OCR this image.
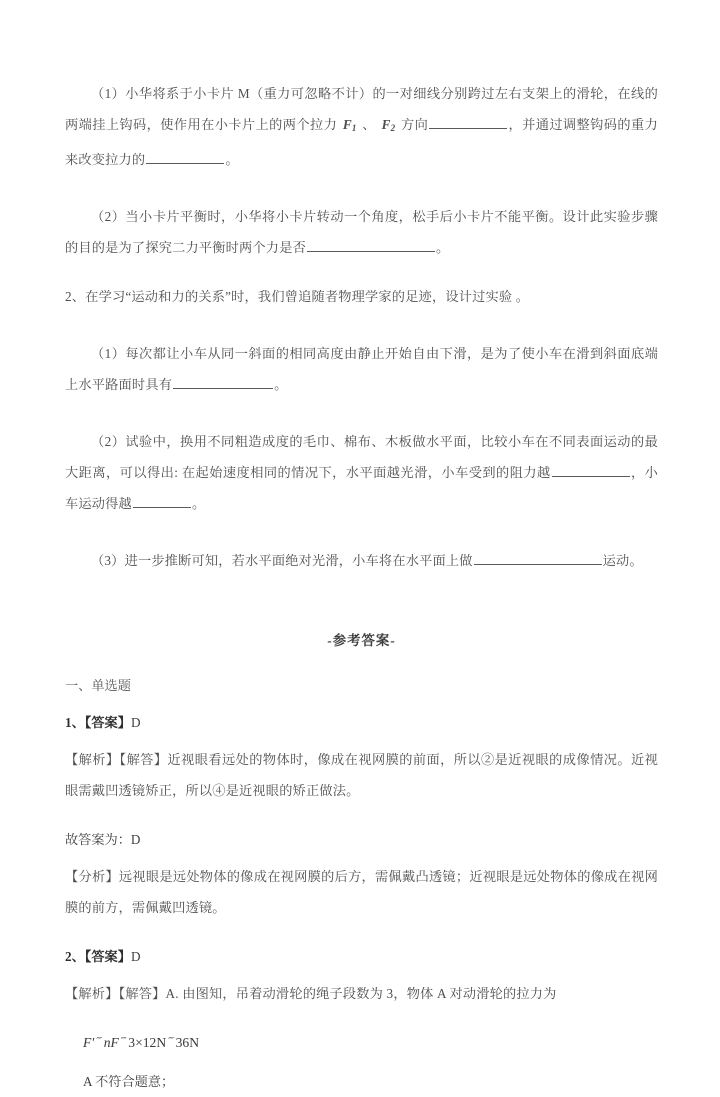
（1）小华将系于小卡片 M（重力可忽略不计）的一对细线分别跨过左右支架上的滑轮，在线的两端挂上钩码，使作用在小卡片上的两个拉力 $F_1$ 、 $F_2$ 方向	，并通过调整钩码的重力来改变拉力的	。

（2）当小卡片平衡时，小华将小卡片转动一个角度，松手后小卡片不能平衡。设计此实验步骤的目的是为了探究二力平衡时两个力是否	。

2、在学习“运动和力的关系”时，我们曾追随者物理学家的足迹，设计过实验 。

（1）每次都让小车从同一斜面的相同高度由静止开始自由下滑，是为了使小车在滑到斜面底端上水平路面时具有	。

（2）试验中，换用不同粗造成度的毛巾、棉布、木板做水平面，比较小车在不同表面运动的最大距离，可以得出: 在起始速度相同的情况下，水平面越光滑，小车受到的阻力越	，小车运动得越	。

（3）进一步推断可知，若水平面绝对光滑，小车将在水平面上做	运动。

-参考答案-

一、单选题

1、【答案】D

【解析】【解答】近视眼看远处的物体时，像成在视网膜的前面，所以②是近视眼的成像情况。近视眼需戴凹透镜矫正，所以④是近视眼的矫正做法。

故答案为：D

【分析】远视眼是远处物体的像成在视网膜的后方，需佩戴凸透镜；近视眼是远处物体的像成在视网膜的前方，需佩戴凹透镜。

2、【答案】D

【解析】【解答】A. 由图知，吊着动滑轮的绳子段数为 3，物体 A 对动滑轮的拉力为

F' ⁗ nF ⁗ 3×12N ⁗ 36N

A 不符合题意；
